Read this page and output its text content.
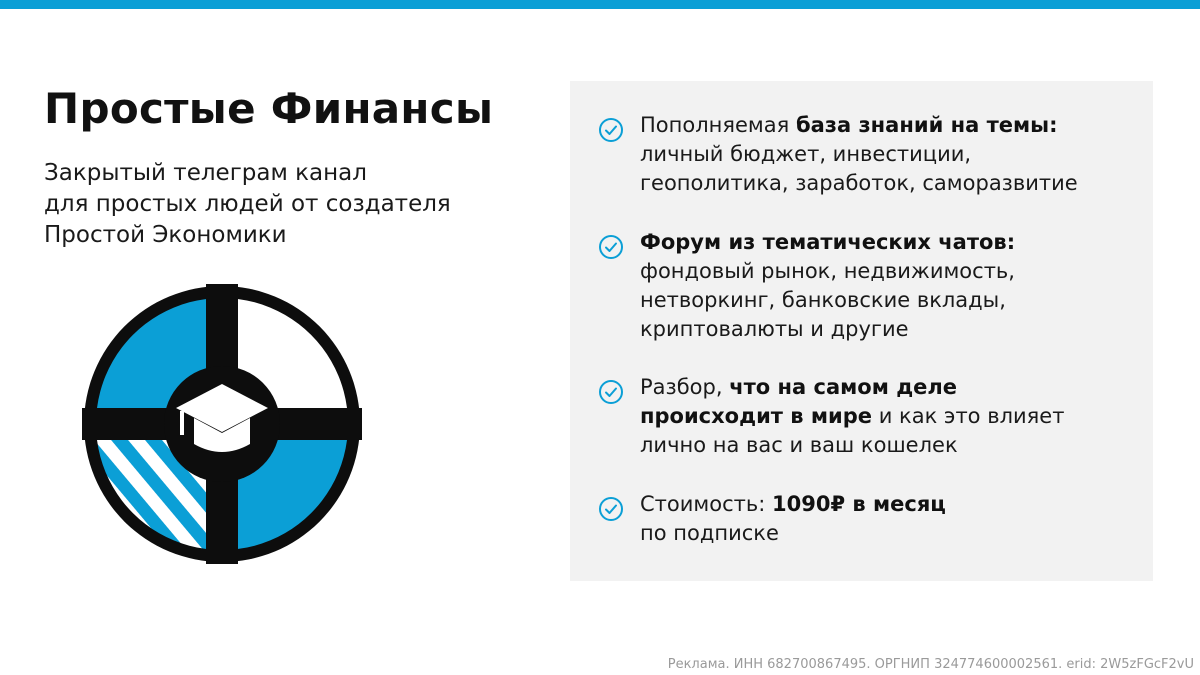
Простые Финансы
Закрытый телеграм канал
для простых людей от создателя
Простой Экономики
Пополняемая база знаний на темы:
личный бюджет, инвестиции,
геополитика, заработок, саморазвитие
Форум из тематических чатов:
фондовый рынок, недвижимость,
нетворкинг, банковские вклады,
криптовалюты и другие
Разбор, что на самом деле
происходит в мире и как это влияет
лично на вас и ваш кошелек
Стоимость: 1090₽ в месяц
по подписке
Реклама. ИНН 682700867495. ОРГНИП 324774600002561. erid: 2W5zFGcF2vU
